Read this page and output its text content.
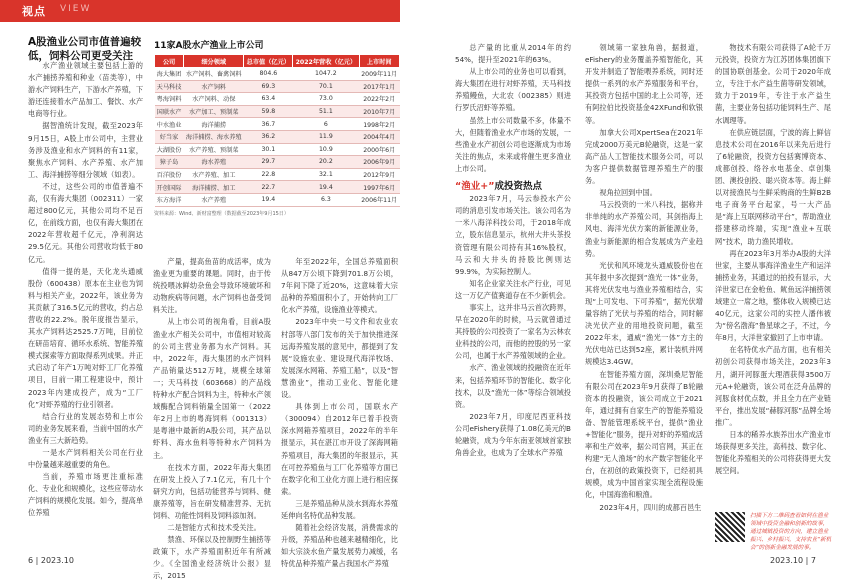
视点 VIEW
A股渔业公司市值普遍较低，饲料公司更受关注

水产渔业领域主要包括上游的水产捕捞养殖和种业（苗类等），中游水产饲料生产，下游水产养殖，下游还连接着水产品加工、餐饮、水产电商等行业。

据智渔统计发现，截至2023年9月15日，A股上市公司中，主营业务涉及渔业和水产饲料的有11家，聚焦水产饲料、水产养殖、水产加工、海洋捕捞等细分领域（如表）。

不过，这些公司的市值普遍不高，仅有海大集团（002311）一家超过800亿元，其他公司均不足百亿，在前线方面，也仅有海大集团在2022年营收超千亿元，净利润达29.5亿元。其他公司营收均低于80亿元。

值得一提的是，天化龙头通威股份（600438）原本在主业也为饲料与相关产业，2022年，该业务为其贡献了316.5亿元的营收，约占总营收的22.2%。脱年度报告显示，其水产饲料达2525.7万吨，目前位在研苗培育、循环水系统、智能养殖模式探索等方面取得系列成果。并正式启动了年产1万吨对虾工厂化养殖项目，目前一期工程建设中，预计2023年内建成投产，成为“工厂化”对虾养殖的行业引领者。

结合行业的发展态势和上市公司的业务发展来看，当前中国的水产渔业有三大新趋势。

一是水产饲料相关公司在行业中份量越来越重要的角色。

当前，养殖市场更注重标准化、专业化和规模化，这些应带动水产饲料的规模化发展。如今，提高单位养殖

11家A股水产渔业上市公司
公司	细分领域	总市值（亿元）	2022年营收（亿元）	上市时间
海大集团	水产饲料、畜禽饲料	804.6	1047.2	2009年11月
天马科技	水产饲料	69.3	70.1	2017年1月
粤海饲料	水产饲料、动保	63.4	73.0	2022年2月
国联水产	水产加工、预制菜	59.8	51.1	2010年7月
中水渔业	海洋捕捞	36.7	6	1998年2月
好当家	海洋捕捞、海水养殖	36.2	11.9	2004年4月
大湖股份	水产养殖、预制菜	30.1	10.9	2000年6月
獐子岛	海水养殖	29.7	20.2	2006年9月
百洋股份	水产养殖、加工	22.8	32.1	2012年9月
开创国际	海洋捕捞、加工	22.7	19.4	1997年6月
东方海洋	水产养殖	19.4	6.3	2006年11月
资料来源：Wind、新财富整理（数据截至2023年9月15日）

产量，提高鱼苗的成活率，成为渔业更为重要的课题。同时，由于传统投喂冰鲜幼杂鱼会导致环境破坏和动物疾病等问题，水产饲料也备受饲料关注。

从上市公司的视角看，目前A股渔业水产相关公司中，市值相对较高的公司主营业务都为水产饲料。其中，2022年，海大集团的水产饲料产品销量达512万吨，规模全球第一；天马科技（603668）的产品线特种水产配合饲料为主，特种水产领域酶配合饲料销量全国第一（2022年2月上市的粤海饲料（001313）是粤港中最新的A股公司，其产品以虾料、海水鱼料等特种水产饲料为主。

在技术方面，2022年海大集团在研发上投入了7.1亿元，有几十个研究方向，包括功能营养与饲料、健康养殖等，旨在研发精准营养、无抗饲料、功能性饲料及饲料添加剂。

二是智能方式和技术受关注。

禁渔、环保以及控制野生捕捞等政策下，水产养殖面积近年有所减少。《全国渔业经济统计公报》显示，2015

年至2022年，全国总养殖面积从847万公顷下降到701.8万公顷，7年间下降了近20%，这意味着大宗品种的养殖面积小了，开始转向工厂化水产养殖，设施渔业等模式。

2023年中央一号文件和农业农村部等八部门发布的关于加快推进深远海养殖发展的意见中，都提到了发展“设施农业、建设现代海洋牧场、发展深水网箱、养殖工船”，以及“智慧渔业”，推动工业化、智能化建设。

具体到上市公司，国联水产（300094）自2012年已着手投资深水网箱养殖项目，2022年的半年报显示，其在湛江市开设了深海网箱养殖项目，海大集团的年报显示，其在可控养殖鱼与工厂化养殖等方面已在数字化和工业化方面上进行相应探索。

三是养殖品种从淡水到海水养殖延伸向名特优品种发展。

随着社会经济发展，消费需求的升级，养殖品种也越来越精细化，比如大宗淡水鱼产量发展势力减缓，名特优品种养殖产量占我国水产养殖

总产量的比重从2014年的约54%，提升至2021年的63%。

从上市公司的业务也可以看到，海大集团在进行对虾养殖，天马科技养殖鳗鱼，大北农（002385）则进行罗氏沼虾等养殖。

虽然上市公司数量不多，体量不大，但随着渔业水产市场的发展，一些渔业水产初创公司也逐渐成为市场关注的焦点，未来或将催生更多渔业上市公司。

“渔业+”成投资热点

2023年7月，马云参投水产公司的消息引发市场关注。该公司名为一米八海洋科技公司，于2018年成立，股东信息显示，杭州大井头茶投资管理有限公司持有其16%股权，马云和大井头的持股比例则达99.9%，为实际控制人。

知名企业家关注水产行业，可见这一万亿产值赛道存在不少新机会。

事实上，这并非马云首次跨界，早在2020年的时候，马云就曾通过其持股的公司投资了一家名为云林农业科技的公司，而他的控股的另一家公司，也属于水产养殖领域的企业。

水产、渔业领域的投融资在近年来，包括养殖环节的智能化、数字化技术，以及“渔光一体”等综合领域投资。

2023年7月，印度尼西亚科技公司eFishery获得了1.08亿美元的B轮融资，成为今年东南亚领域首家独角兽企业，也成为了全球水产养殖

领域第一家独角兽，据报道，eFishery的业务覆盖养殖智能化，其开发并制造了智能喂养系统，同时还提供一系列的水产养殖服务和平台，其投资方包括中国的北上公司等，还有阿拉伯比投资基金42XFund和软银等。

加拿大公司XpertSea在2021年完成2000万美元B轮融资，这是一家高产品人工智能技术服务公司，可以为客户提供数据管理养殖生产的服务。

视角拉回到中国。

马云投资的一米八科技，据称并非单纯的水产养殖公司，其剑指海上风电、海洋光伏方案的新能源业务，渔业与新能源的相合发展成为产业趋势。

光伏和风环境龙头通威股份也在其年报中多次提到“渔光一体”业务，其将光伏发电与渔业养殖相结合，实现“上可发电、下可养殖”，据光伏增量容纳了光伏与养殖的结合，同时解决光伏产业的用地投资问题，截至2022年末，通威“渔光一体”方主的光伏电站已达到52座，累计装机并网规模达3.4GW。

在智能养殖方面，深圳桑尼智能有限公司在2023年9月获得了B轮融资本的投融资，该公司成立于2021年，通过拥有自家生产的智能养殖设备、智能管理系统平台，提供“渔业+智能化”服务，提升对虾的养殖成活率和生产效率，据公司官网，其正在构建“无人渔场”的水产数字智能化平台，在初创的政策投资下，已经初具规模，成为中国首家实现全流程设施化，中国海渔和粮渔。

2023年4月，四川的成都百邑生

物技术有限公司获得了A轮千万元投资，投资方为江苏团体集团旗下的国协联创基金。公司于2020年成立，专注于水产益生菌等研发领域，致力于2019年，专注于水产益生菌，主要业务包括功能饲料生产、尾水调理等。

在供应链层面，宁波的海上鲜信息技术公司在2016年以来先后进行了6轮融资，投资方包括赛博资本、成都创投、络谷水电基金、卓创集团、澳投创投、聪兴资本等。海上鲜以对接渔民与生鲜采购商的生鲜B2B电子商务平台起家，号一大产品是“海上互联网移动平台”，帮助渔业搭建移动终端，实现“渔业+互联网”技术，助力渔民增收。

再在2023年3月举办A股的大洋世家，主要从事海洋渔业生产和运洋捕捞业务，其通过的拍投有显示，大洋世家已在金枪鱼、鱿鱼远洋捕捞领域建立一席之地，整体收入规模已达40亿元，这家公司的实控人潘伟被为“傍名渤海”鲁星球之子，不过，今年8月，大洋世家撤回了上市申请。

在名特优水产品方面，也有相关初创公司获得市场关注，2023年3月，湖开河豚蛋大理酒获得3500万元A+轮融资，该公司在泛舟品牌的河豚食材优点数，并且全力在产业链平台，推出发展“赫豚河豚”品牌全场推广。

日本的稀养水族养出水产渔业市场获得更多关注，高科技、数字化、智能化养殖相关的公司将获得更大发展空间。

扫描下方二维码查看如何在渔业领域中投资金融和创新的故事，通过城镇投资的方向，建立渔业振兴、乡村振兴，支持农业“新机会”的创新金融发展的事。
6 | 2023.10	2023.10 | 7
